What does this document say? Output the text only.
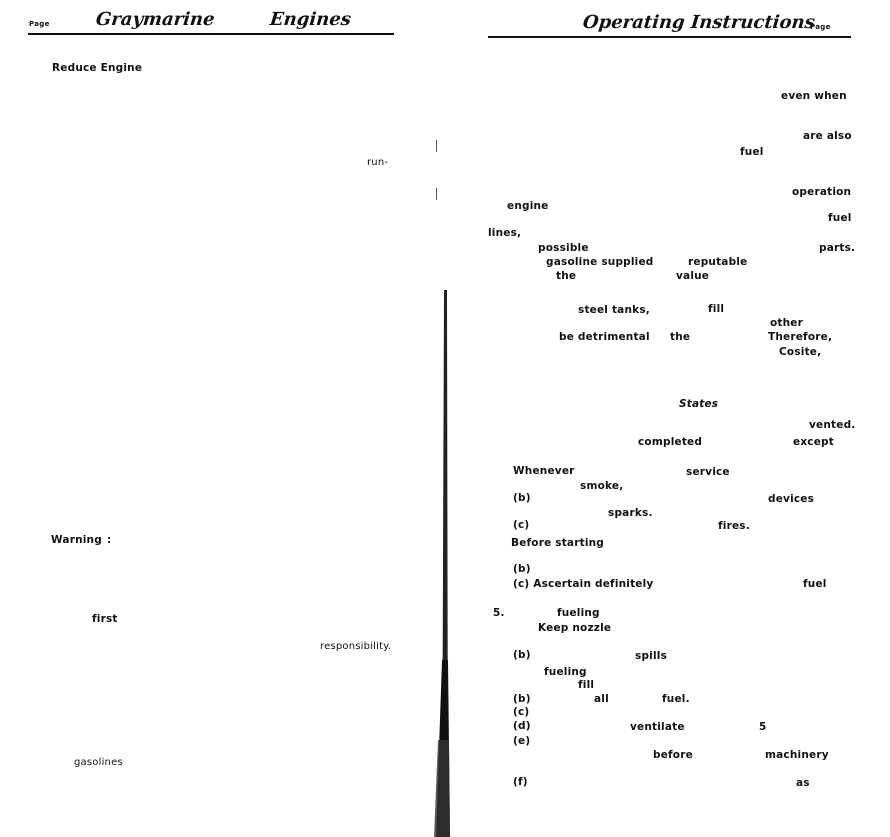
Page	Graymarine	Engines
Reduce Engine
run-
Warning :
first
responsibility.
gasolines
Operating Instructions
Page
even when
are also
fuel
operation
engine
fuel
lines,
possible	parts.
gasoline supplied	reputable
the	value
steel tanks,	fill
other
be detrimental the	Therefore,
Cosite,
States
vented.
completed	except
Whenever	service
smoke,
(b)	devices
sparks.
(c)	fires.
Before starting
(b)
(c) Ascertain definitely	fuel
5.	fueling
Keep nozzle
(b)	spills
fueling
fill
(b)	all	fuel.
(c)
(d)	ventilate	5
(e)
before	machinery
(f)	as
